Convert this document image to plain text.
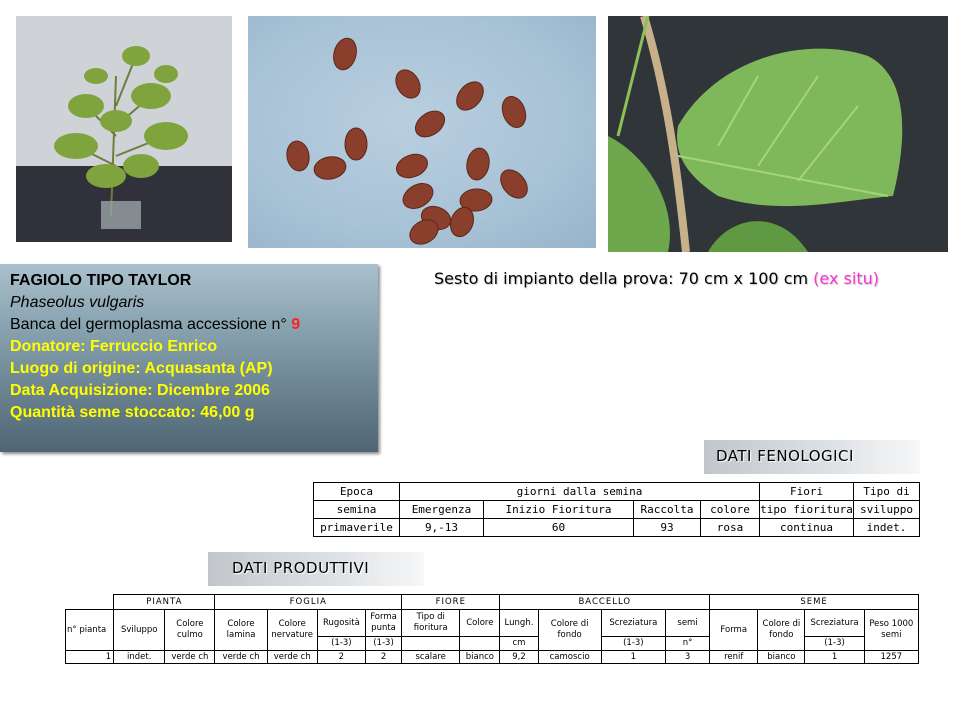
FAGIOLO TIPO TAYLOR
Phaseolus vulgaris
Banca del germoplasma accessione n° 9
Donatore: Ferruccio Enrico
Luogo di origine: Acquasanta (AP)
Data Acquisizione: Dicembre 2006
Quantità seme stoccato: 46,00 g
Sesto di impianto della prova: 70 cm x 100 cm (ex situ)
DATI FENOLOGICI
Epoca	giorni dalla semina				Fiori	Tipo di
semina	Emergenza	Inizio Fioritura	Raccolta	colore	tipo fioritura	sviluppo
primaverile	9,-13	60	93	rosa	continua	indet.
DATI PRODUTTIVI
	PIANTA		FOGLIA				FIORE		BACCELLO				SEME			
n° pianta	Sviluppo	Colore culmo	Colore lamina	Colore nervature	Rugosità	Forma punta	Tipo di fioritura	Colore	Lungh.	Colore di fondo	Screziatura	semi	Forma	Colore di fondo	Screziatura	Peso 1000 semi
					(1-3)	(1-3)			cm		(1-3)	n°			(1-3)	
1	indet.	verde ch	verde ch	verde ch	2	2	scalare	bianco	9,2	camoscio	1	3	renif	bianco	1	1257
